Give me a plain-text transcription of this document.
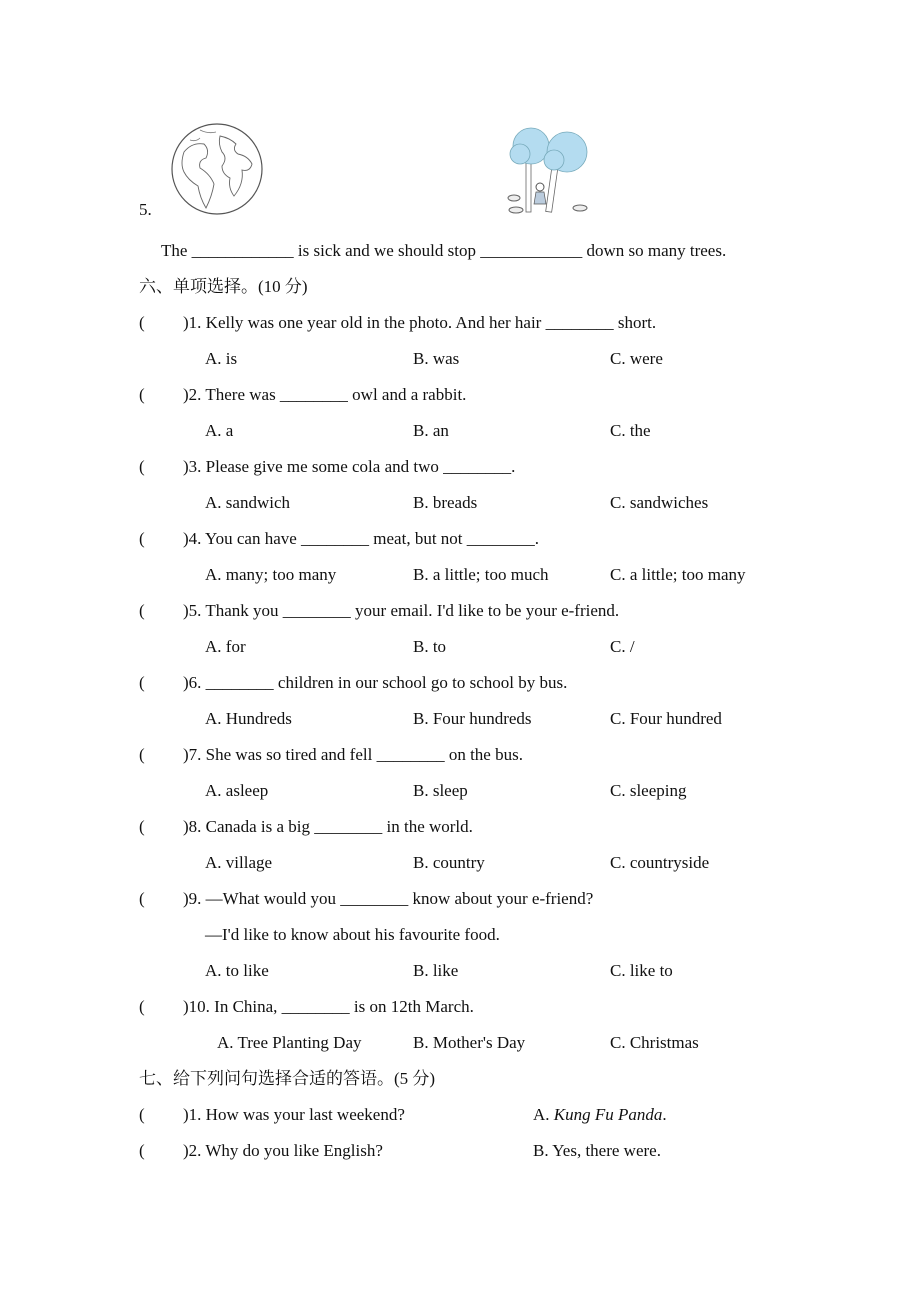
5.
The ____________ is sick and we should stop ____________ down so many trees.
六、单项选择。(10 分)
( )1. Kelly was one year old in the photo. And her hair ________ short.
A. is	B. was	C. were
( )2. There was ________ owl and a rabbit.
A. a	B. an	C. the
( )3. Please give me some cola and two ________.
A. sandwich	B. breads	C. sandwiches
( )4. You can have ________ meat, but not ________.
A. many; too many	B. a little; too much	C. a little; too many
( )5. Thank you ________ your email. I'd like to be your e-friend.
A. for	B. to	C. /
( )6. ________ children in our school go to school by bus.
A. Hundreds	B. Four hundreds	C. Four hundred
( )7. She was so tired and fell ________ on the bus.
A. asleep	B. sleep	C. sleeping
( )8. Canada is a big ________ in the world.
A. village	B. country	C. countryside
( )9. —What would you ________ know about your e-friend?
—I'd like to know about his favourite food.
A. to like	B. like	C. like to
( )10. In China, ________ is on 12th March.
A. Tree Planting Day	B. Mother's Day	C. Christmas
七、给下列问句选择合适的答语。(5 分)
( )1. How was your last weekend?	A. Kung Fu Panda.
( )2. Why do you like English?	B. Yes, there were.
